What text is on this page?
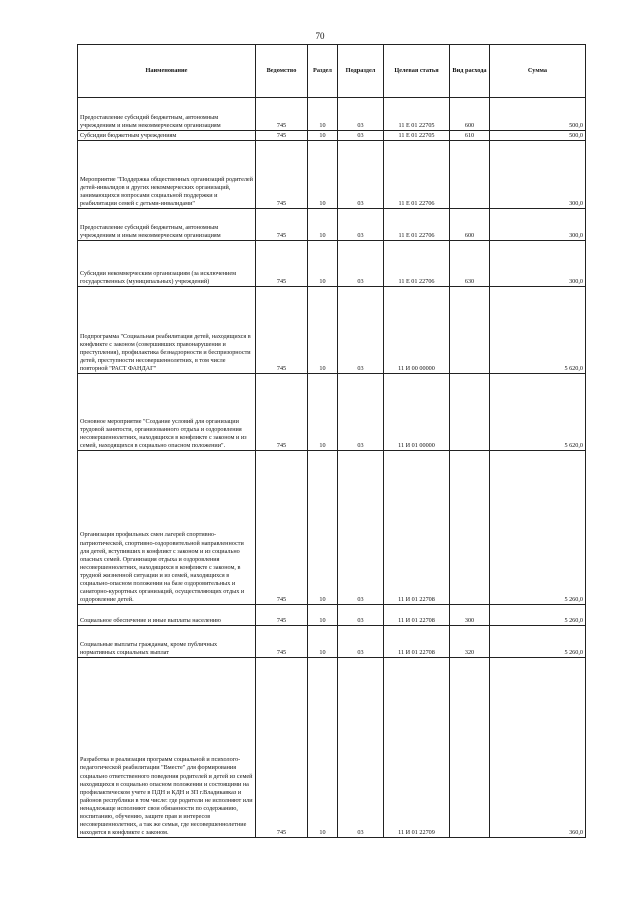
70
Наименование	Ведомство	Раздел	Подраздел	Целевая статья	Вид расхода	Сумма
Предоставление субсидий бюджетным, автономным учреждениям и иным некоммерческим организациям	745	10	03	11 Е 01 22705	600	500,0
Субсидии бюджетным учреждениям	745	10	03	11 Е 01 22705	610	500,0
Мероприятие "Поддержка общественных организаций родителей детей-инвалидов и других некоммерческих организаций, занимающихся вопросами социальной поддержки и реабилитации семей с детьми-инвалидами"	745	10	03	11 Е 01 22706		300,0
Предоставление субсидий бюджетным, автономным учреждениям и иным некоммерческим организациям	745	10	03	11 Е 01 22706	600	300,0
Субсидии некоммерческим организациям (за исключением государственных (муниципальных) учреждений)	745	10	03	11 Е 01 22706	630	300,0
Подпрограмма "Социальная реабилитация детей, находящихся в конфликте с законом (совершивших правонарушения и преступления), профилактика безнадзорности и беспризорности детей, преступности несовершеннолетних, в том числе повторной "РАСТ ФАНДАГ"	745	10	03	11 И 00 00000		5 620,0
Основное мероприятие "Создание условий для организации трудовой занятости, организованного отдыха и оздоровления несовершеннолетних, находящихся в конфликте с законом и из семей, находящихся в социально опасном положении".	745	10	03	11 И 01 00000		5 620,0
Организация профильных смен лагерей спортивно-патриотической, спортивно-оздоровительной направленности для детей, вступивших в конфликт с законом и из социально опасных семей. Организация отдыха и оздоровления несовершеннолетних, находящихся в конфликте с законом, в трудной жизненной ситуации и из семей, находящихся в социально-опасном положении на базе оздоровительных и санаторно-курортных организаций, осуществляющих отдых и оздоровление детей.	745	10	03	11 И 01 22708		5 260,0
Социальное обеспечение и иные выплаты населению	745	10	03	11 И 01 22708	300	5 260,0
Социальные выплаты гражданам, кроме публичных нормативных социальных выплат	745	10	03	11 И 01 22708	320	5 260,0
Разработка и реализация программ социальной и психолого-педагогической реабилитации "Вместе" для формирования социально ответственного поведения родителей и детей из семей находящихся в социально опасном положении и состоящими на профилактическом учете в ПДН и КДН и ЗП г.Владикавказ и районов республики в том числе: где родители не исполняют или ненадлежаще исполняют свои обязанности по содержанию, воспитанию, обучению, защите прав и интересов несовершеннолетних, а так же семьи, где несовершеннолетние находятся в конфликте с законом.	745	10	03	11 И 01 22709		360,0
